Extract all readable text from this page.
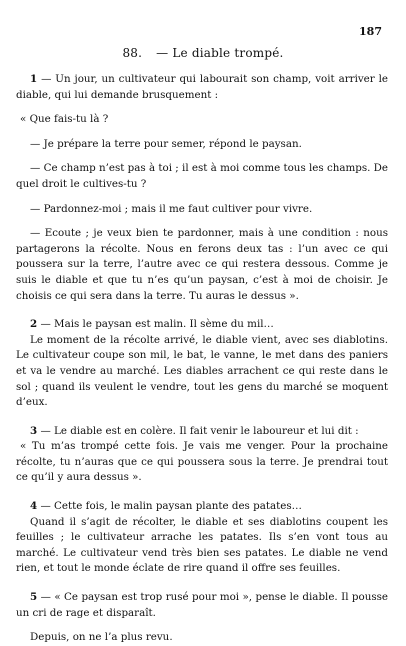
187
88. — Le diable trompé.

1 — Un jour, un cultivateur qui labourait son champ, voit arriver le diable, qui lui demande brusquement :

« Que fais-tu là ?

— Je prépare la terre pour semer, répond le paysan.

— Ce champ n’est pas à toi ; il est à moi comme tous les champs. De quel droit le cultives-tu ?

— Pardonnez-moi ; mais il me faut cultiver pour vivre.

— Ecoute ; je veux bien te pardonner, mais à une condition : nous partagerons la récolte. Nous en ferons deux tas : l’un avec ce qui poussera sur la terre, l’autre avec ce qui restera dessous. Comme je suis le diable et que tu n’es qu’un paysan, c’est à moi de choisir. Je choisis ce qui sera dans la terre. Tu auras le dessus ».

2 — Mais le paysan est malin. Il sème du mil…

Le moment de la récolte arrivé, le diable vient, avec ses diablotins. Le cultivateur coupe son mil, le bat, le vanne, le met dans des paniers et va le vendre au marché. Les diables arrachent ce qui reste dans le sol ; quand ils veulent le vendre, tout les gens du marché se moquent d’eux.

3 — Le diable est en colère. Il fait venir le laboureur et lui dit :

« Tu m’as trompé cette fois. Je vais me venger. Pour la prochaine récolte, tu n’auras que ce qui poussera sous la terre. Je prendrai tout ce qu’il y aura dessus ».

4 — Cette fois, le malin paysan plante des patates…

Quand il s’agit de récolter, le diable et ses diablotins coupent les feuilles ; le cultivateur arrache les patates. Ils s’en vont tous au marché. Le cultivateur vend très bien ses patates. Le diable ne vend rien, et tout le monde éclate de rire quand il offre ses feuilles.

5 — « Ce paysan est trop rusé pour moi », pense le diable. Il pousse un cri de rage et disparaît.

Depuis, on ne l’a plus revu.
